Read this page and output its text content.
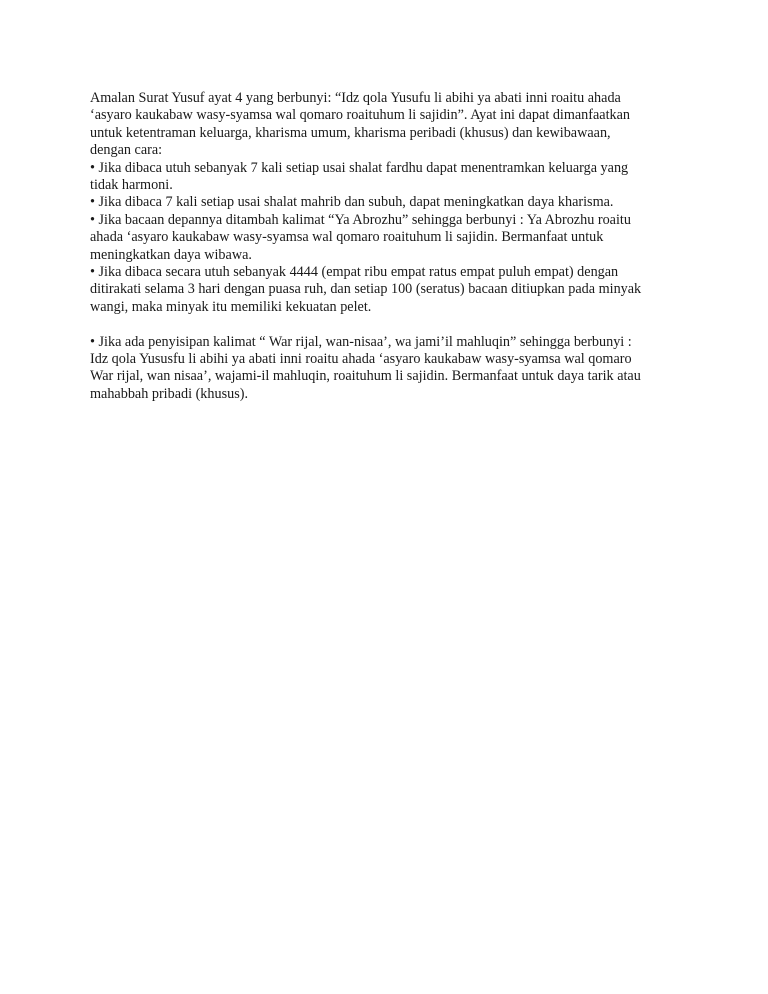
Amalan Surat Yusuf ayat 4 yang berbunyi: “Idz qola Yusufu li abihi ya abati inni roaitu ahada
‘asyaro kaukabaw wasy-syamsa wal qomaro roaituhum li sajidin”. Ayat ini dapat dimanfaatkan
untuk ketentraman keluarga, kharisma umum, kharisma peribadi (khusus) dan kewibawaan,
dengan cara:
• Jika dibaca utuh sebanyak 7 kali setiap usai shalat fardhu dapat menentramkan keluarga yang
tidak harmoni.
• Jika dibaca 7 kali setiap usai shalat mahrib dan subuh, dapat meningkatkan daya kharisma.
• Jika bacaan depannya ditambah kalimat “Ya Abrozhu” sehingga berbunyi : Ya Abrozhu roaitu
ahada ‘asyaro kaukabaw wasy-syamsa wal qomaro roaituhum li sajidin. Bermanfaat untuk
meningkatkan daya wibawa.
• Jika dibaca secara utuh sebanyak 4444 (empat ribu empat ratus empat puluh empat) dengan
ditirakati selama 3 hari dengan puasa ruh, dan setiap 100 (seratus) bacaan ditiupkan pada minyak
wangi, maka minyak itu memiliki kekuatan pelet.
• Jika ada penyisipan kalimat “ War rijal, wan-nisaa’, wa jami’il mahluqin” sehingga berbunyi :
Idz qola Yususfu li abihi ya abati inni roaitu ahada ‘asyaro kaukabaw wasy-syamsa wal qomaro
War rijal, wan nisaa’, wajami-il mahluqin, roaituhum li sajidin. Bermanfaat untuk daya tarik atau
mahabbah pribadi (khusus).
